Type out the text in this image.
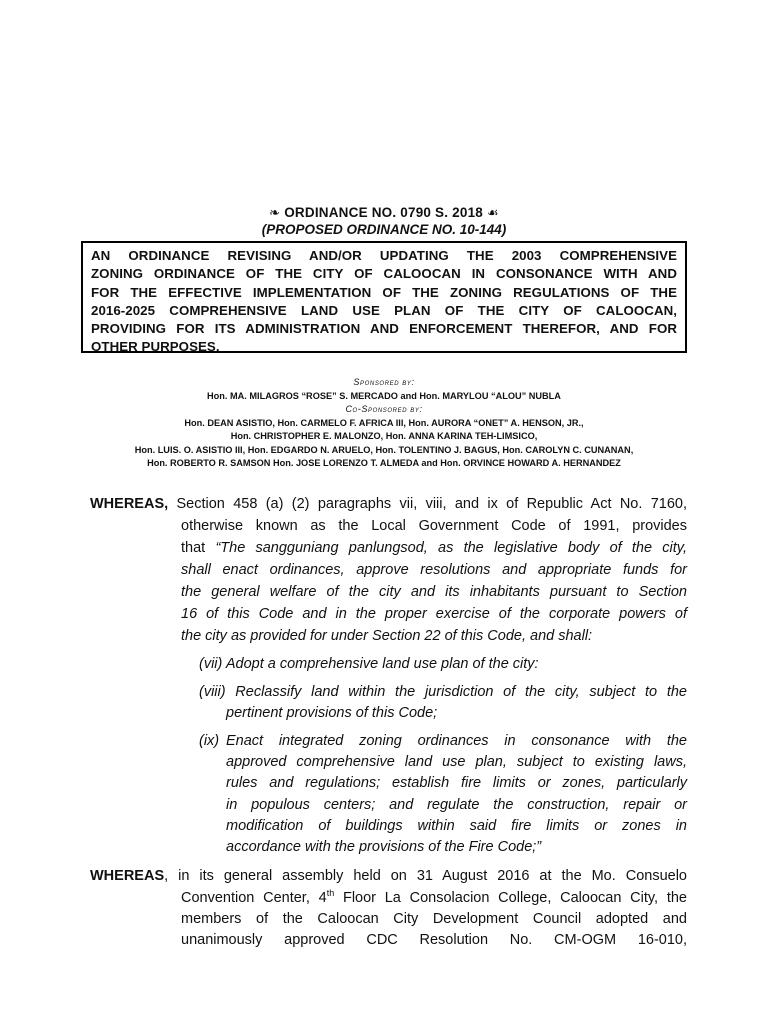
❧ ORDINANCE NO. 0790 S. 2018 ☙
(PROPOSED ORDINANCE NO. 10-144)
AN ORDINANCE REVISING AND/OR UPDATING THE 2003 COMPREHENSIVE
ZONING ORDINANCE OF THE CITY OF CALOOCAN IN CONSONANCE WITH AND
FOR THE EFFECTIVE IMPLEMENTATION OF THE ZONING REGULATIONS OF THE
2016-2025 COMPREHENSIVE LAND USE PLAN OF THE CITY OF CALOOCAN,
PROVIDING FOR ITS ADMINISTRATION AND ENFORCEMENT THEREFOR, AND FOR
OTHER PURPOSES.
Sponsored by:
Hon. MA. MILAGROS “ROSE” S. MERCADO and Hon. MARYLOU “ALOU” NUBLA
Co-Sponsored by:
Hon. DEAN ASISTIO, Hon. CARMELO F. AFRICA III, Hon. AURORA “ONET” A. HENSON, JR.,
Hon. CHRISTOPHER E. MALONZO, Hon. ANNA KARINA TEH-LIMSICO,
Hon. LUIS. O. ASISTIO III, Hon. EDGARDO N. ARUELO, Hon. TOLENTINO J. BAGUS, Hon. CAROLYN C. CUNANAN,
Hon. ROBERTO R. SAMSON Hon. JOSE LORENZO T. ALMEDA and Hon. ORVINCE HOWARD A. HERNANDEZ
WHEREAS, Section 458 (a) (2) paragraphs vii, viii, and ix of Republic Act No. 7160,
otherwise known as the Local Government Code of 1991, provides
that “The sangguniang panlungsod, as the legislative body of the city,
shall enact ordinances, approve resolutions and appropriate funds for
the general welfare of the city and its inhabitants pursuant to Section
16 of this Code and in the proper exercise of the corporate powers of
the city as provided for under Section 22 of this Code, and shall:
(vii) Adopt a comprehensive land use plan of the city:
(viii) Reclassify land within the jurisdiction of the city, subject to the
pertinent provisions of this Code;
(ix) Enact integrated zoning ordinances in consonance with the
approved comprehensive land use plan, subject to existing laws,
rules and regulations; establish fire limits or zones, particularly
in populous centers; and regulate the construction, repair or
modification of buildings within said fire limits or zones in
accordance with the provisions of the Fire Code;”
WHEREAS, in its general assembly held on 31 August 2016 at the Mo. Consuelo
Convention Center, 4th Floor La Consolacion College, Caloocan City, the
members of the Caloocan City Development Council adopted and
unanimously approved CDC Resolution No. CM-OGM 16-010,
